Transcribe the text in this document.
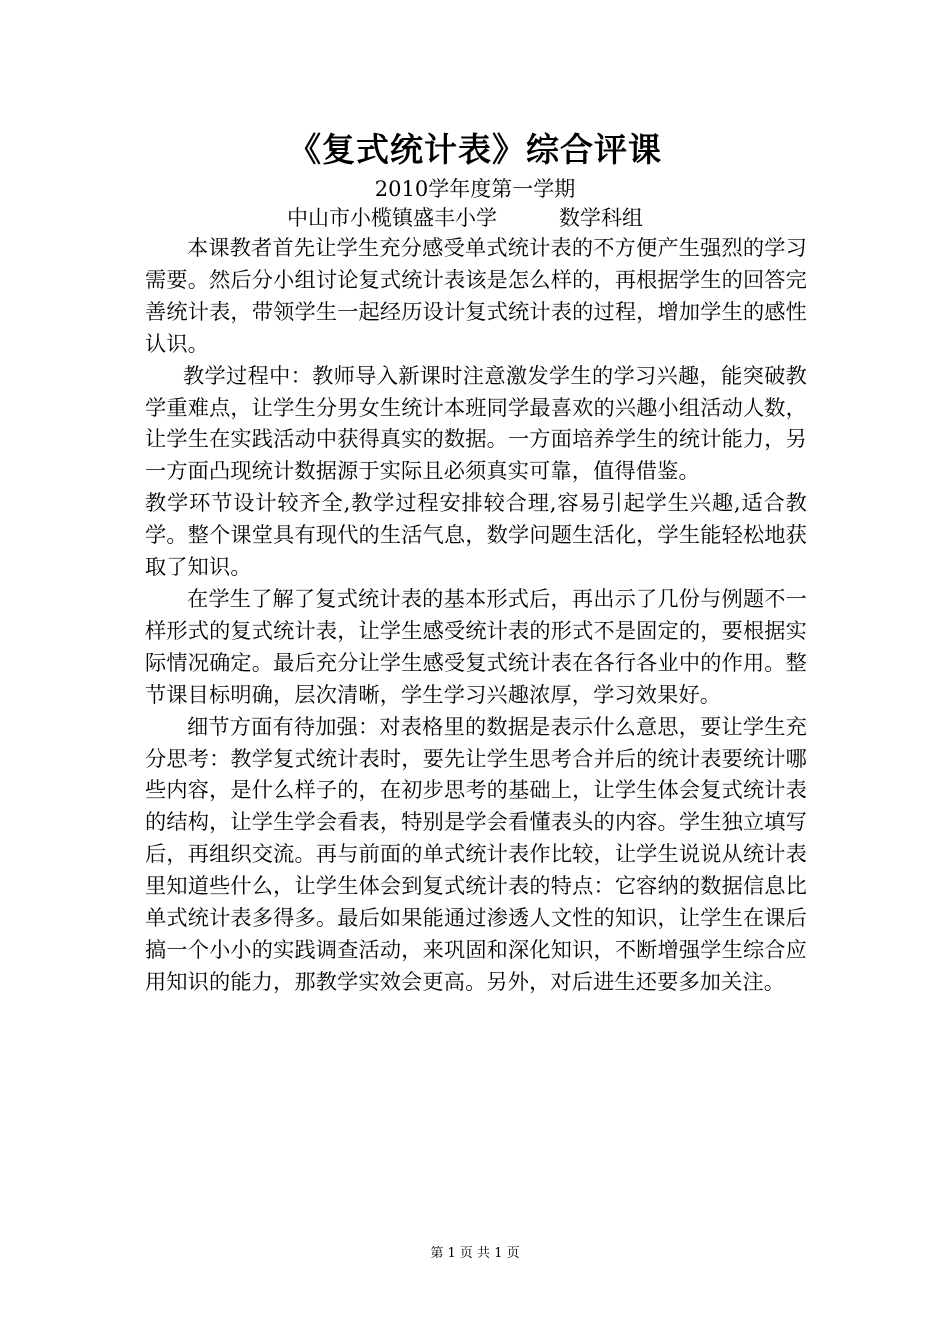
《复式统计表》综合评课
2010学年度第一学期
中山市小榄镇盛丰小学	数学科组

本课教者首先让学生充分感受单式统计表的不方便产生强烈的学习需要。然后分小组讨论复式统计表该是怎么样的，再根据学生的回答完善统计表，带领学生一起经历设计复式统计表的过程，增加学生的感性认识。

教学过程中：教师导入新课时注意激发学生的学习兴趣，能突破教学重难点，让学生分男女生统计本班同学最喜欢的兴趣小组活动人数，让学生在实践活动中获得真实的数据。一方面培养学生的统计能力，另一方面凸现统计数据源于实际且必须真实可靠，值得借鉴。

教学环节设计较齐全,教学过程安排较合理,容易引起学生兴趣,适合教学。整个课堂具有现代的生活气息，数学问题生活化，学生能轻松地获取了知识。

在学生了解了复式统计表的基本形式后，再出示了几份与例题不一样形式的复式统计表，让学生感受统计表的形式不是固定的，要根据实际情况确定。最后充分让学生感受复式统计表在各行各业中的作用。整节课目标明确，层次清晰，学生学习兴趣浓厚，学习效果好。

细节方面有待加强：对表格里的数据是表示什么意思，要让学生充分思考：教学复式统计表时，要先让学生思考合并后的统计表要统计哪些内容，是什么样子的，在初步思考的基础上，让学生体会复式统计表的结构，让学生学会看表，特别是学会看懂表头的内容。学生独立填写后，再组织交流。再与前面的单式统计表作比较，让学生说说从统计表里知道些什么，让学生体会到复式统计表的特点：它容纳的数据信息比单式统计表多得多。最后如果能通过渗透人文性的知识，让学生在课后搞一个小小的实践调查活动，来巩固和深化知识，不断增强学生综合应用知识的能力，那教学实效会更高。另外，对后进生还要多加关注。

第 1 页 共 1 页
